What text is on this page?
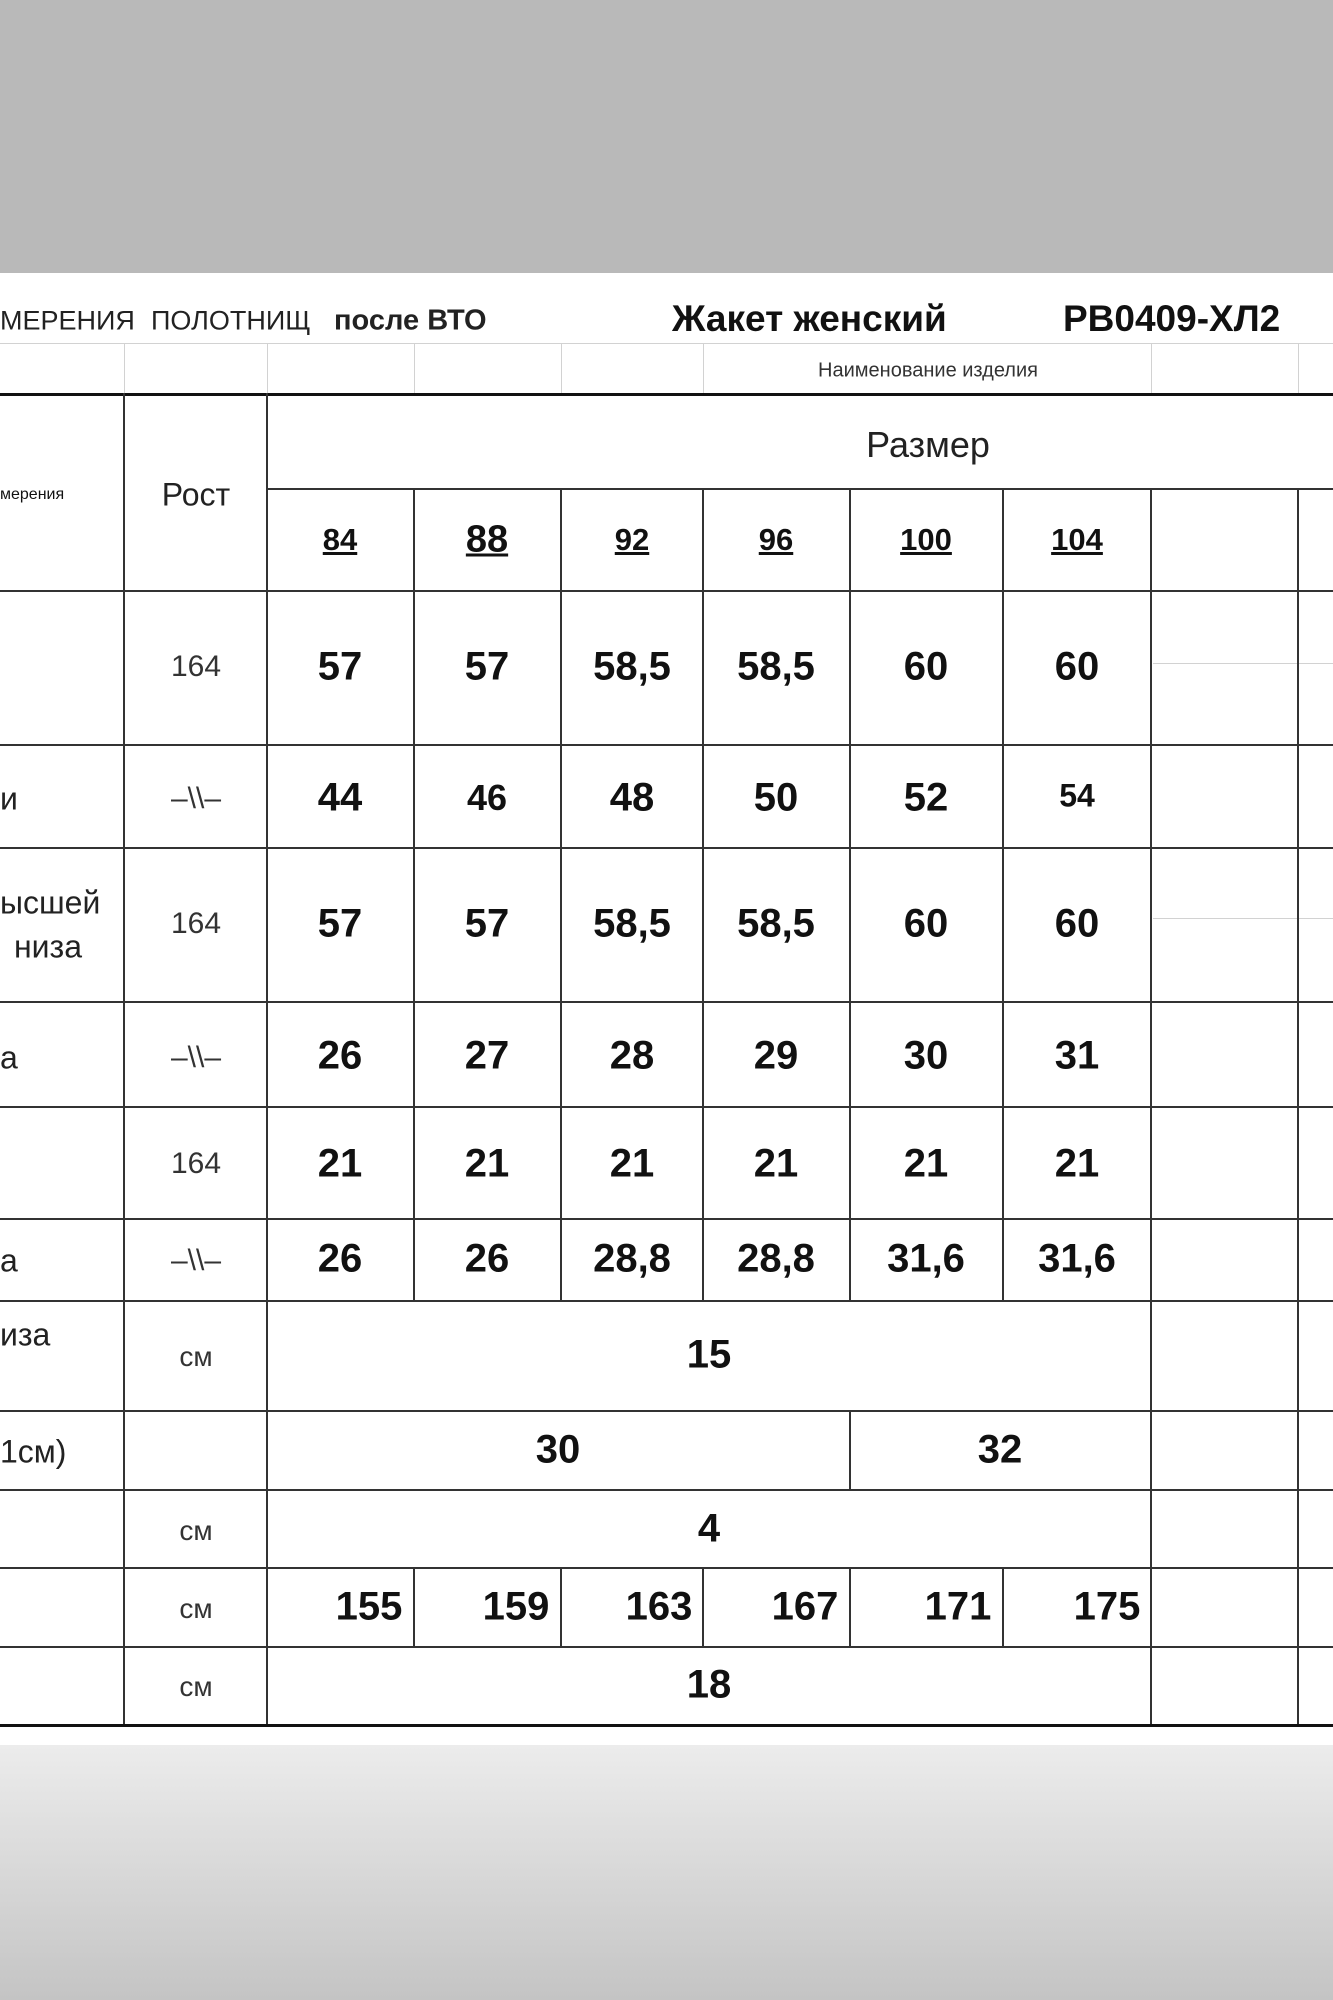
МЕРЕНИЯ ПОЛОТНИЩ после ВТО	Жакет женский	РВ0409-ХЛ2
Наименование изделия
мерения	Рост
Размер
84	88	92	96	100	104
164 57	57 58,5 58,5 60	60
и	–\\– 44	46	48 50	52	54
ысшей
низа
164 57	57 58,5 58,5 60	60
а	–\\– 26	27	28 29	30	31
164 21	21	21 21	21	21
а	–\\– 26	26 28,8 28,8 31,6 31,6
иза
см	15
1см)	30	32
см	4
см	155 159 163 167 171 175
см	18
